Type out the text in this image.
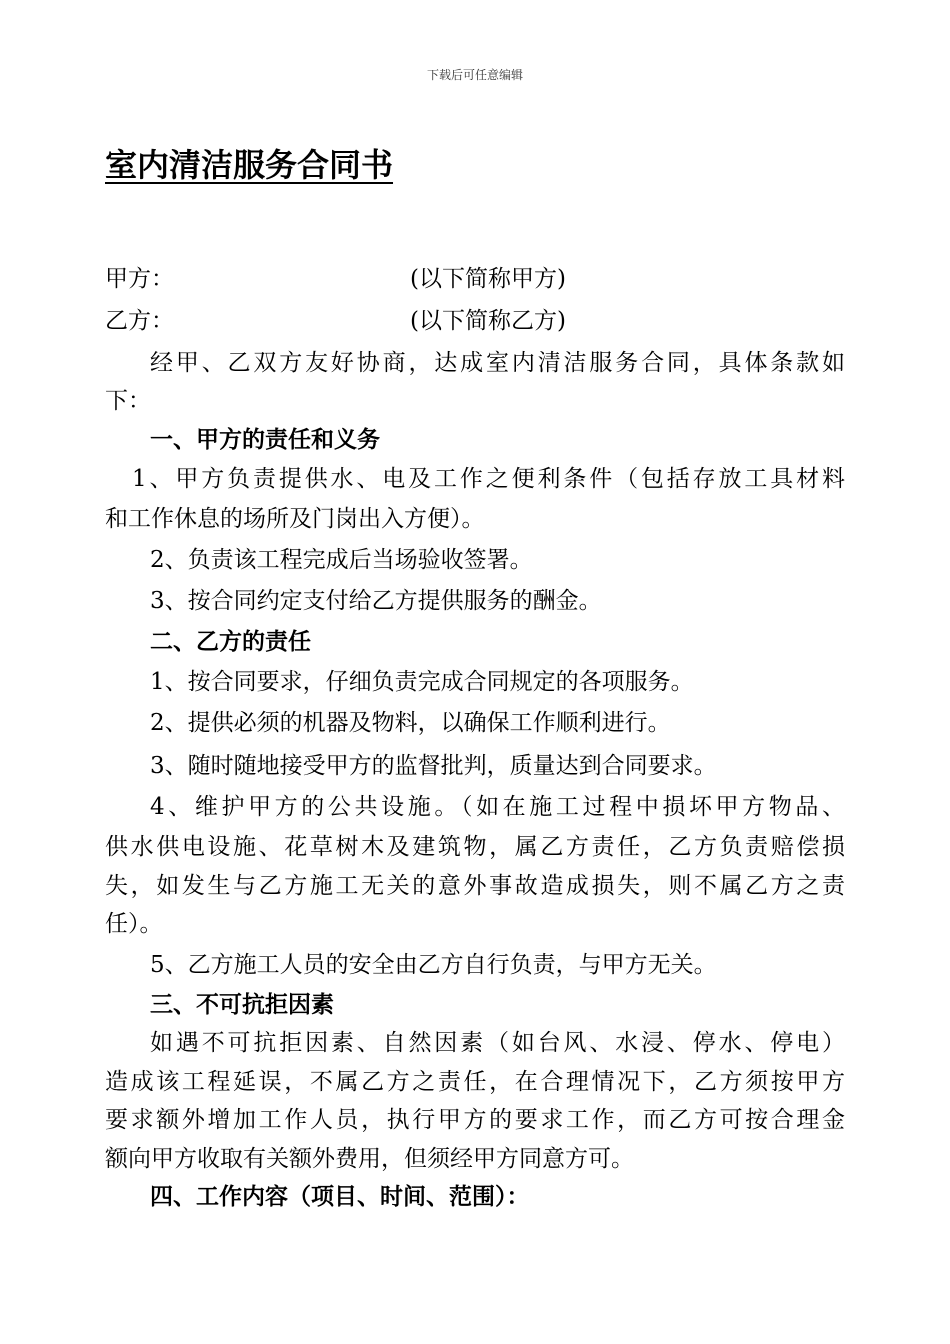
下载后可任意编辑
室内清洁服务合同书
甲方：	(以下简称甲方)
乙方：	(以下简称乙方)
经甲、乙双方友好协商，达成室内清洁服务合同，具体条款如
下：
一、甲方的责任和义务
1、甲方负责提供水、电及工作之便利条件（包括存放工具材料
和工作休息的场所及门岗出入方便）。
2、负责该工程完成后当场验收签署。
3、按合同约定支付给乙方提供服务的酬金。
二、乙方的责任
1、按合同要求，仔细负责完成合同规定的各项服务。
2、提供必须的机器及物料，以确保工作顺利进行。
3、随时随地接受甲方的监督批判，质量达到合同要求。
4、维护甲方的公共设施。（如在施工过程中损坏甲方物品、
供水供电设施、花草树木及建筑物，属乙方责任，乙方负责赔偿损
失，如发生与乙方施工无关的意外事故造成损失，则不属乙方之责
任）。
5、乙方施工人员的安全由乙方自行负责，与甲方无关。
三、不可抗拒因素
如遇不可抗拒因素、自然因素（如台风、水浸、停水、停电）
造成该工程延误，不属乙方之责任，在合理情况下，乙方须按甲方
要求额外增加工作人员，执行甲方的要求工作，而乙方可按合理金
额向甲方收取有关额外费用，但须经甲方同意方可。
四、工作内容（项目、时间、范围）：
